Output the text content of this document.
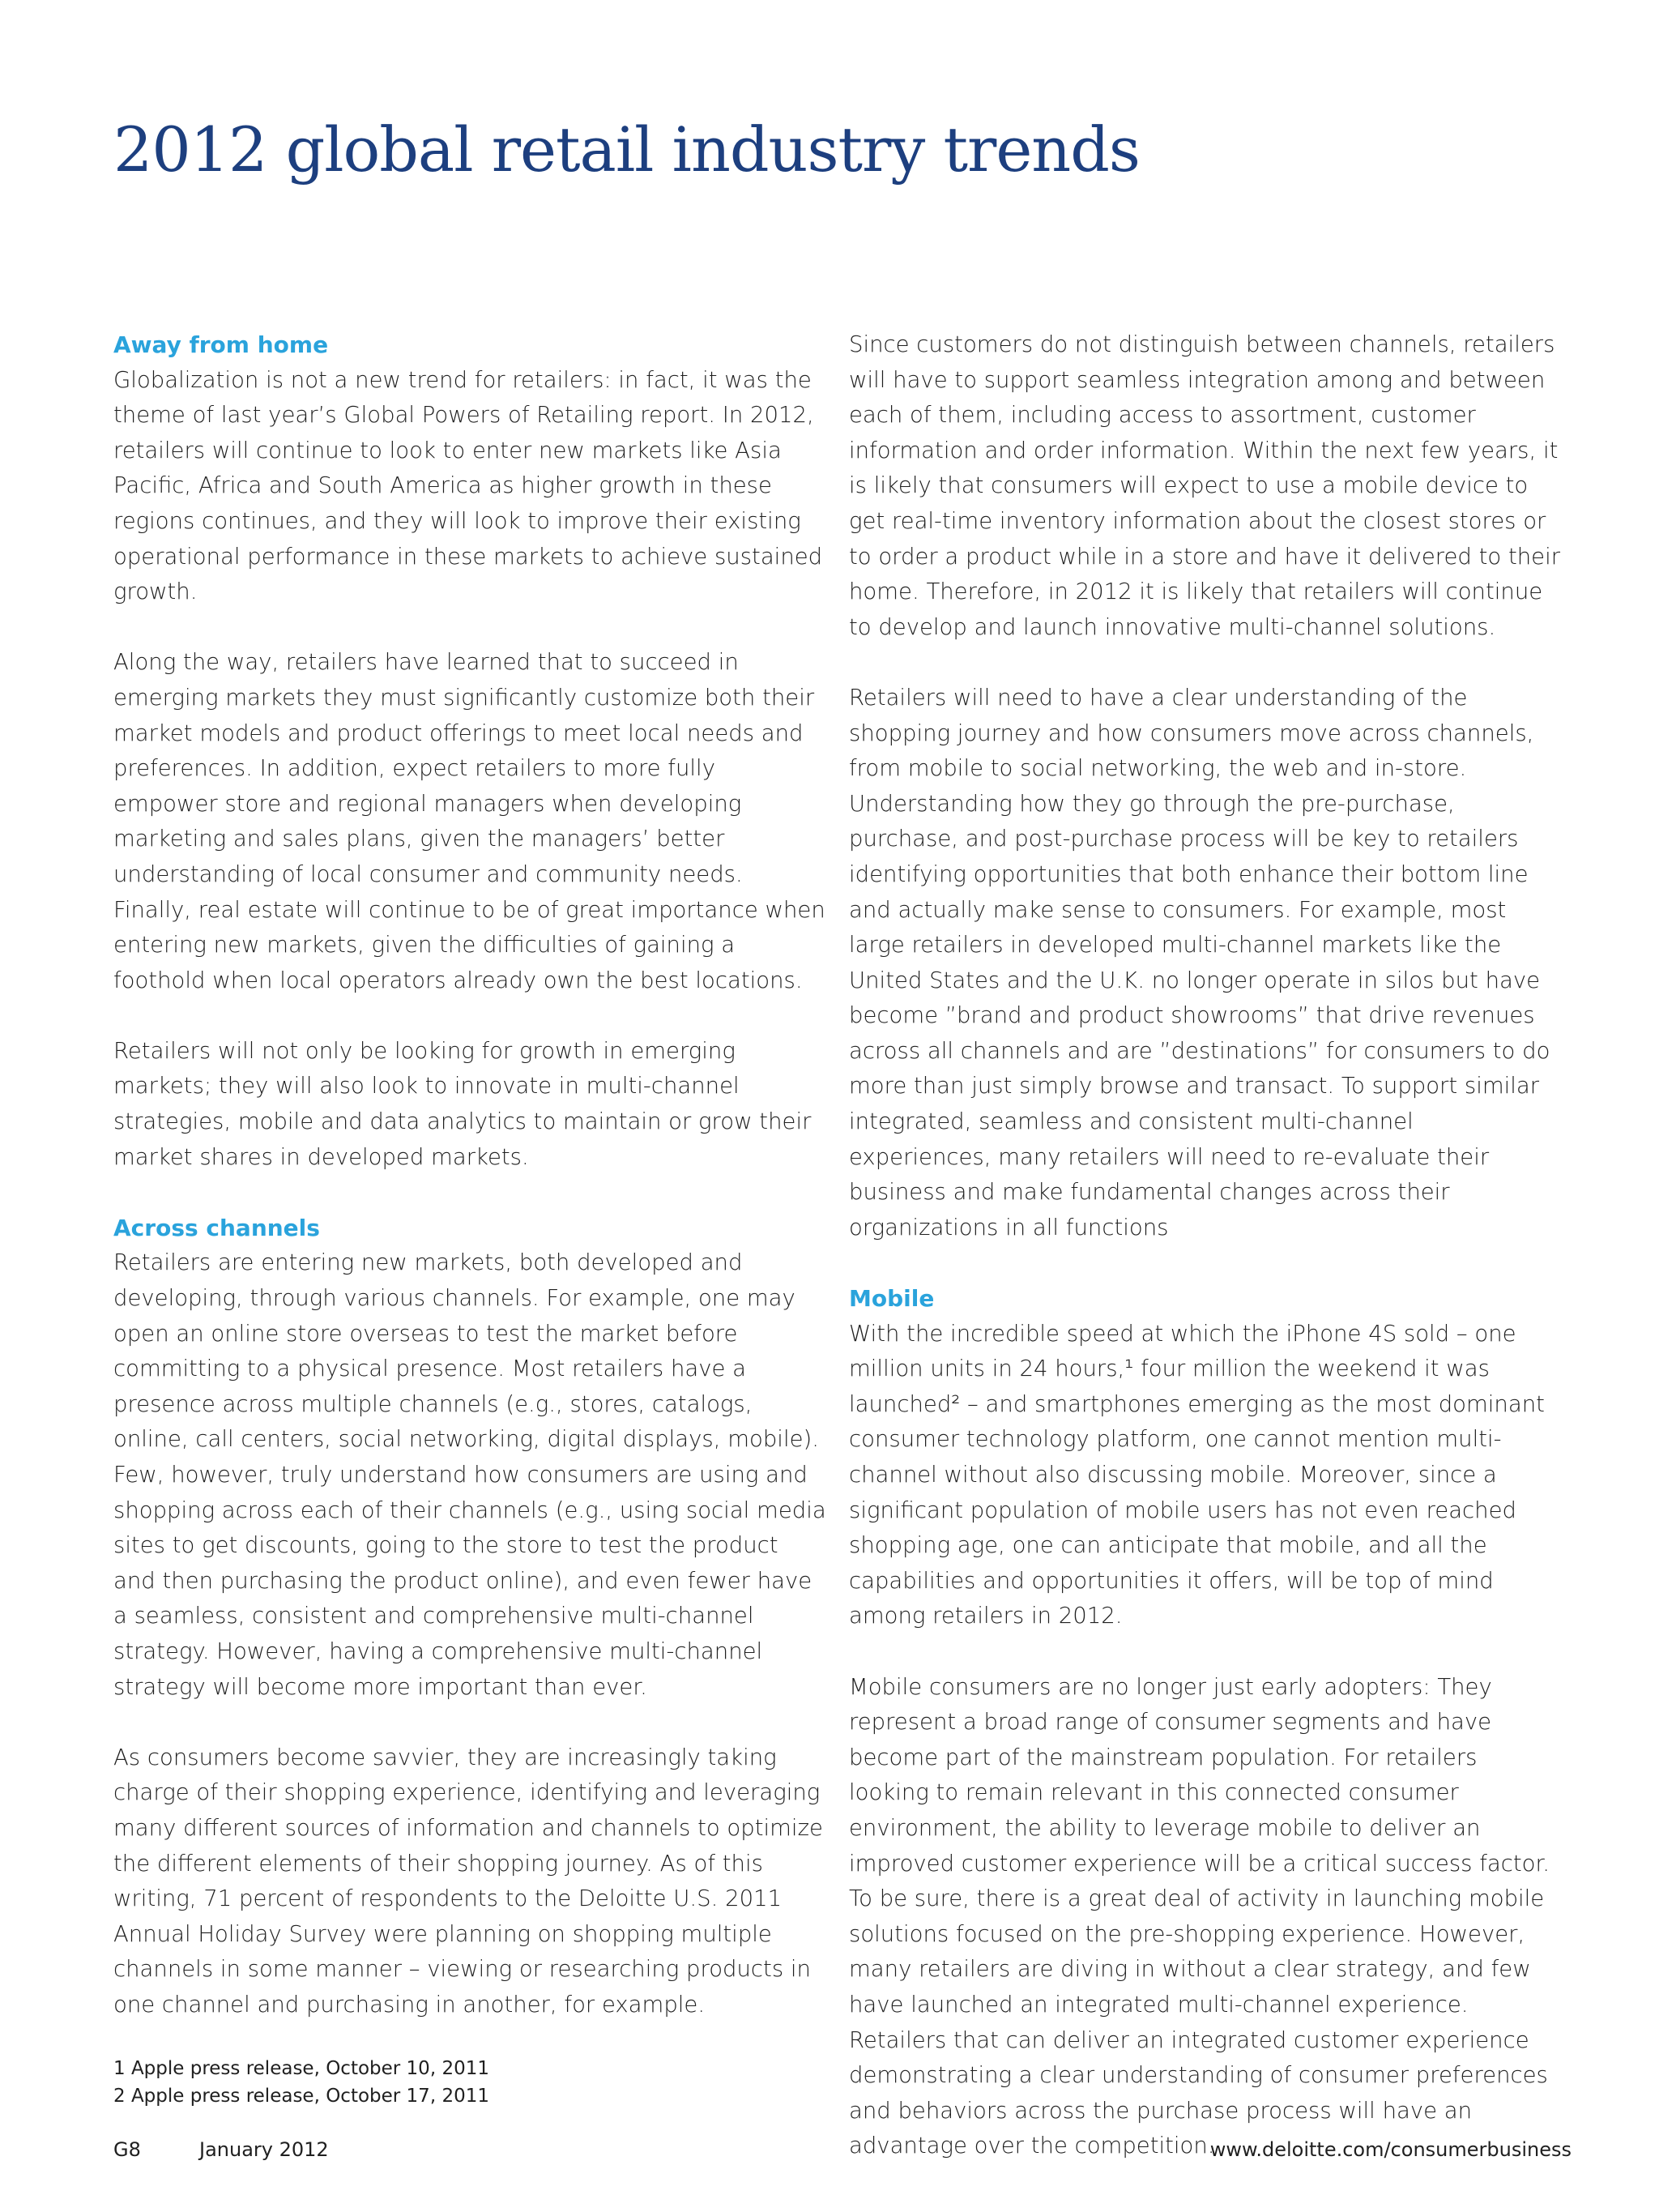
2012 global retail industry trends
Away from home

Globalization is not a new trend for retailers: in fact, it was the theme of last year’s Global Powers of Retailing report. In 2012, retailers will continue to look to enter new markets like Asia Pacific, Africa and South America as higher growth in these regions continues, and they will look to improve their existing operational performance in these markets to achieve sustained growth.

Along the way, retailers have learned that to succeed in emerging markets they must significantly customize both their market models and product offerings to meet local needs and preferences. In addition, expect retailers to more fully empower store and regional managers when developing marketing and sales plans, given the managers’ better understanding of local consumer and community needs. Finally, real estate will continue to be of great importance when entering new markets, given the difficulties of gaining a foothold when local operators already own the best locations.

Retailers will not only be looking for growth in emerging markets; they will also look to innovate in multi-channel strategies, mobile and data analytics to maintain or grow their market shares in developed markets.

Across channels

Retailers are entering new markets, both developed and developing, through various channels. For example, one may open an online store overseas to test the market before committing to a physical presence. Most retailers have a presence across multiple channels (e.g., stores, catalogs, online, call centers, social networking, digital displays, mobile). Few, however, truly understand how consumers are using and shopping across each of their channels (e.g., using social media sites to get discounts, going to the store to test the product and then purchasing the product online), and even fewer have a seamless, consistent and comprehensive multi-channel strategy. However, having a comprehensive multi-channel strategy will become more important than ever.

As consumers become savvier, they are increasingly taking charge of their shopping experience, identifying and leveraging many different sources of information and channels to optimize the different elements of their shopping journey. As of this writing, 71 percent of respondents to the Deloitte U.S. 2011 Annual Holiday Survey were planning on shopping multiple channels in some manner – viewing or researching products in one channel and purchasing in another, for example.

Since customers do not distinguish between channels, retailers will have to support seamless integration among and between each of them, including access to assortment, customer information and order information. Within the next few years, it is likely that consumers will expect to use a mobile device to get real-time inventory information about the closest stores or to order a product while in a store and have it delivered to their home. Therefore, in 2012 it is likely that retailers will continue to develop and launch innovative multi-channel solutions.

Retailers will need to have a clear understanding of the shopping journey and how consumers move across channels, from mobile to social networking, the web and in-store. Understanding how they go through the pre-purchase, purchase, and post-purchase process will be key to retailers identifying opportunities that both enhance their bottom line and actually make sense to consumers. For example, most large retailers in developed multi-channel markets like the United States and the U.K. no longer operate in silos but have become ”brand and product showrooms” that drive revenues across all channels and are ”destinations” for consumers to do more than just simply browse and transact. To support similar integrated, seamless and consistent multi-channel experiences, many retailers will need to re-evaluate their business and make fundamental changes across their organizations in all functions

Mobile

With the incredible speed at which the iPhone 4S sold – one million units in 24 hours,¹ four million the weekend it was launched² – and smartphones emerging as the most dominant consumer technology platform, one cannot mention multi-channel without also discussing mobile. Moreover, since a significant population of mobile users has not even reached shopping age, one can anticipate that mobile, and all the capabilities and opportunities it offers, will be top of mind among retailers in 2012.

Mobile consumers are no longer just early adopters: They represent a broad range of consumer segments and have become part of the mainstream population. For retailers looking to remain relevant in this connected consumer environment, the ability to leverage mobile to deliver an improved customer experience will be a critical success factor. To be sure, there is a great deal of activity in launching mobile solutions focused on the pre-shopping experience. However, many retailers are diving in without a clear strategy, and few have launched an integrated multi-channel experience. Retailers that can deliver an integrated customer experience demonstrating a clear understanding of consumer preferences and behaviors across the purchase process will have an advantage over the competition.

1 Apple press release, October 10, 2011

2 Apple press release, October 17, 2011

G8	January 2012	www.deloitte.com/consumerbusiness
